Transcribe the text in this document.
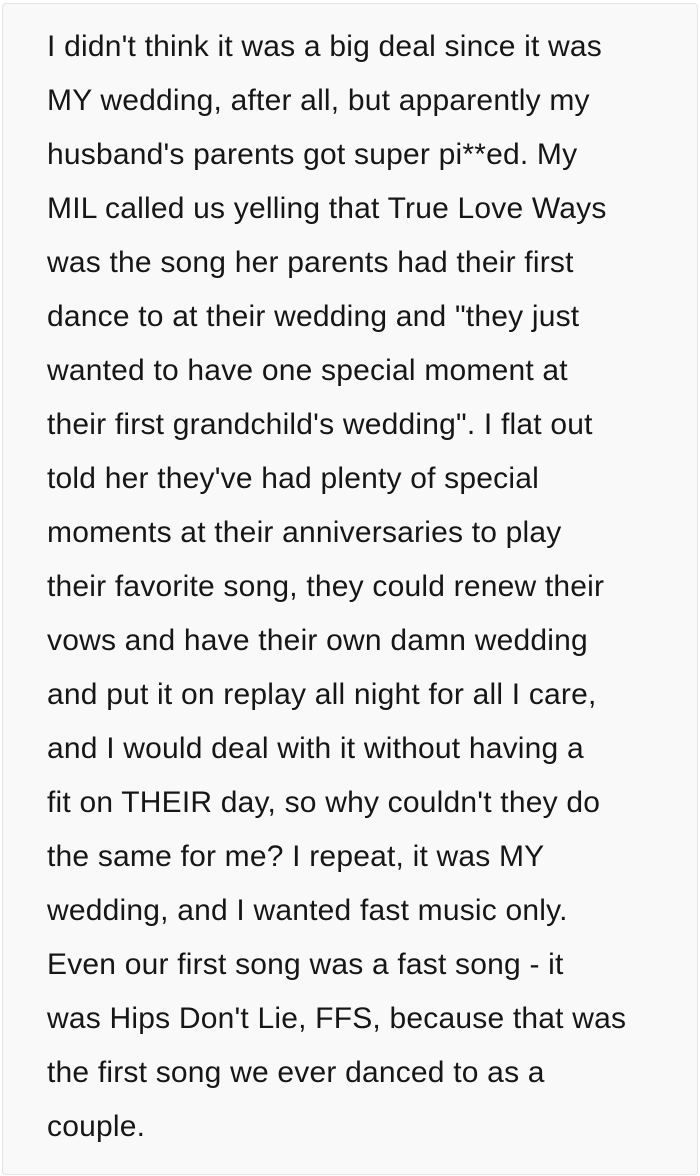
I didn't think it was a big deal since it was
MY wedding, after all, but apparently my
husband's parents got super pi**ed. My
MIL called us yelling that True Love Ways
was the song her parents had their first
dance to at their wedding and "they just
wanted to have one special moment at
their first grandchild's wedding". I flat out
told her they've had plenty of special
moments at their anniversaries to play
their favorite song, they could renew their
vows and have their own damn wedding
and put it on replay all night for all I care,
and I would deal with it without having a
fit on THEIR day, so why couldn't they do
the same for me? I repeat, it was MY
wedding, and I wanted fast music only.
Even our first song was a fast song - it
was Hips Don't Lie, FFS, because that was
the first song we ever danced to as a
couple.
